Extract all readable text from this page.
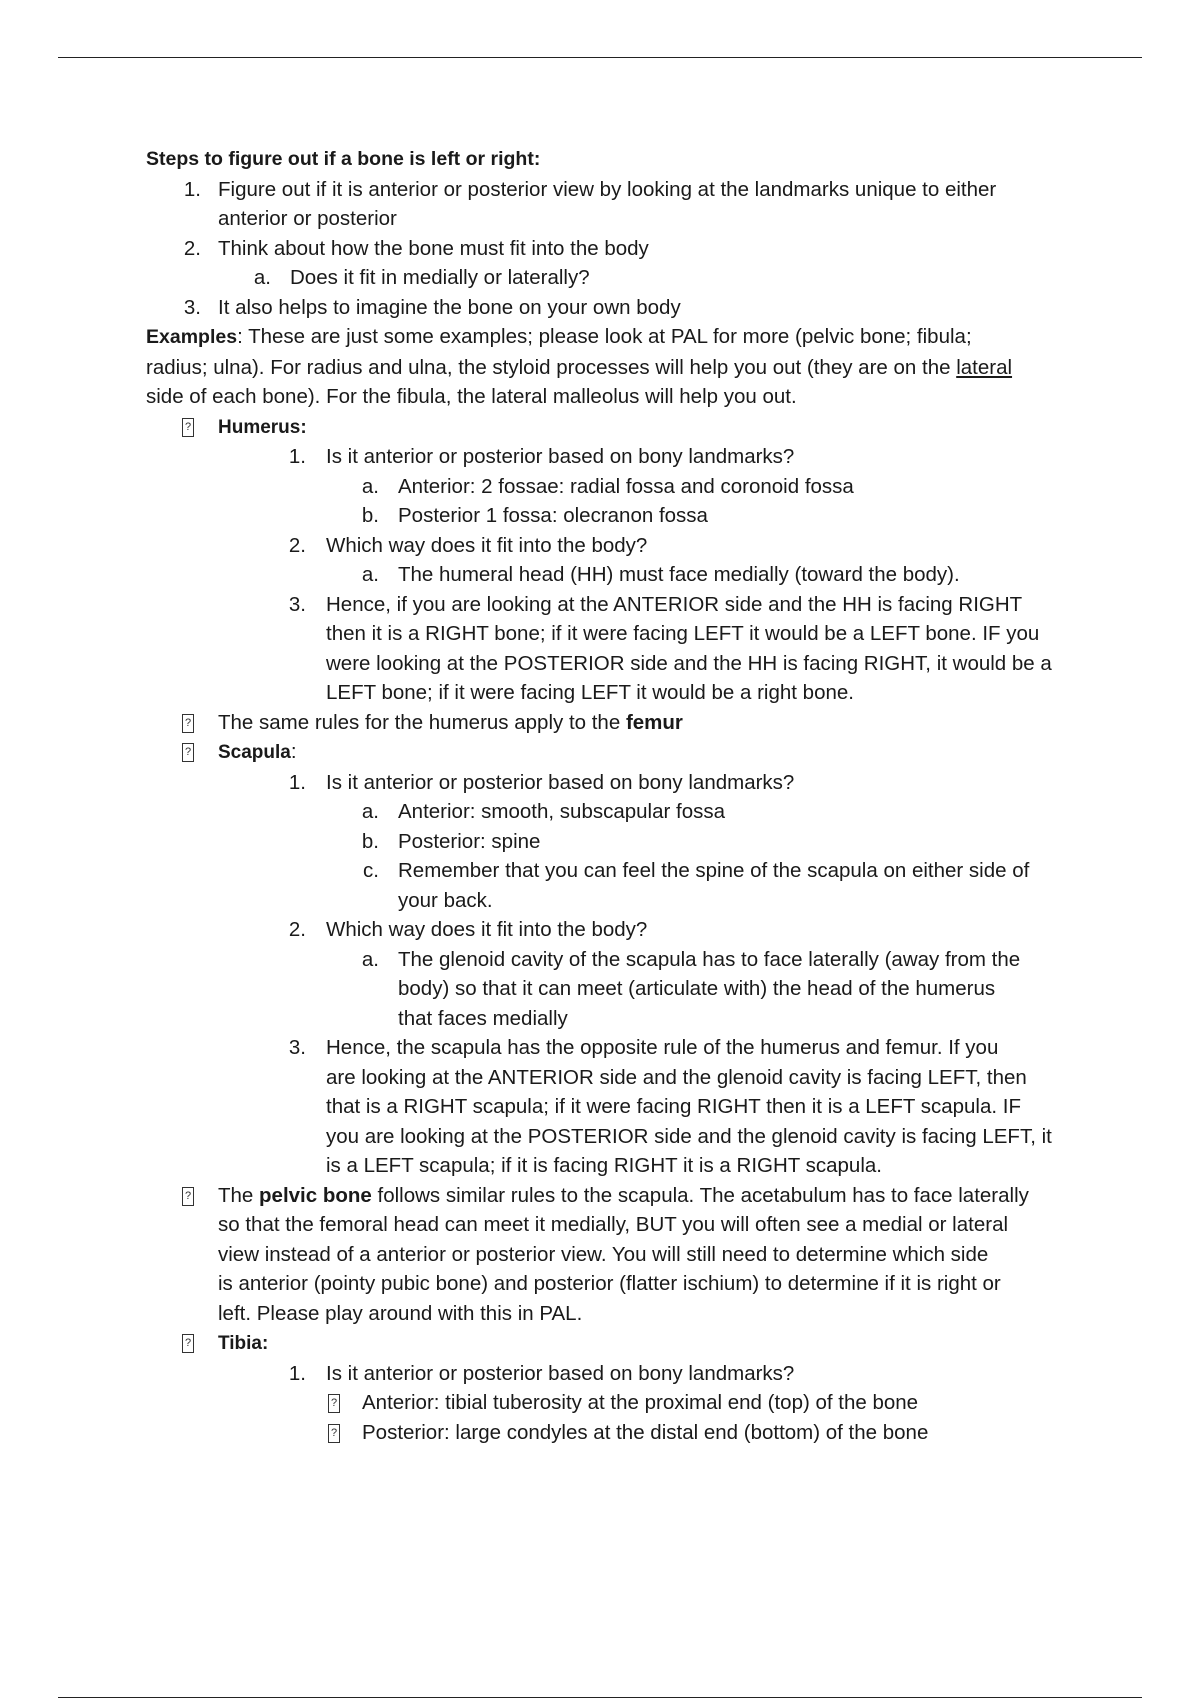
Steps to figure out if a bone is left or right:
1. Figure out if it is anterior or posterior view by looking at the landmarks unique to either
anterior or posterior
2. Think about how the bone must fit into the body
a. Does it fit in medially or laterally?
3. It also helps to imagine the bone on your own body
Examples: These are just some examples; please look at PAL for more (pelvic bone; fibula;
radius; ulna). For radius and ulna, the styloid processes will help you out (they are on the lateral
side of each bone). For the fibula, the lateral malleolus will help you out.
? Humerus:
1. Is it anterior or posterior based on bony landmarks?
a. Anterior: 2 fossae: radial fossa and coronoid fossa
b. Posterior 1 fossa: olecranon fossa
2. Which way does it fit into the body?
a. The humeral head (HH) must face medially (toward the body).
3. Hence, if you are looking at the ANTERIOR side and the HH is facing RIGHT
then it is a RIGHT bone; if it were facing LEFT it would be a LEFT bone. IF you
were looking at the POSTERIOR side and the HH is facing RIGHT, it would be a
LEFT bone; if it were facing LEFT it would be a right bone.
? The same rules for the humerus apply to the femur
? Scapula:
1. Is it anterior or posterior based on bony landmarks?
a. Anterior: smooth, subscapular fossa
b. Posterior: spine
c. Remember that you can feel the spine of the scapula on either side of
your back.
2. Which way does it fit into the body?
a. The glenoid cavity of the scapula has to face laterally (away from the
body) so that it can meet (articulate with) the head of the humerus
that faces medially
3. Hence, the scapula has the opposite rule of the humerus and femur. If you
are looking at the ANTERIOR side and the glenoid cavity is facing LEFT, then
that is a RIGHT scapula; if it were facing RIGHT then it is a LEFT scapula. IF
you are looking at the POSTERIOR side and the glenoid cavity is facing LEFT, it
is a LEFT scapula; if it is facing RIGHT it is a RIGHT scapula.
? The pelvic bone follows similar rules to the scapula. The acetabulum has to face laterally
so that the femoral head can meet it medially, BUT you will often see a medial or lateral
view instead of a anterior or posterior view. You will still need to determine which side
is anterior (pointy pubic bone) and posterior (flatter ischium) to determine if it is right or
left. Please play around with this in PAL.
? Tibia:
1. Is it anterior or posterior based on bony landmarks?
? Anterior: tibial tuberosity at the proximal end (top) of the bone
? Posterior: large condyles at the distal end (bottom) of the bone
